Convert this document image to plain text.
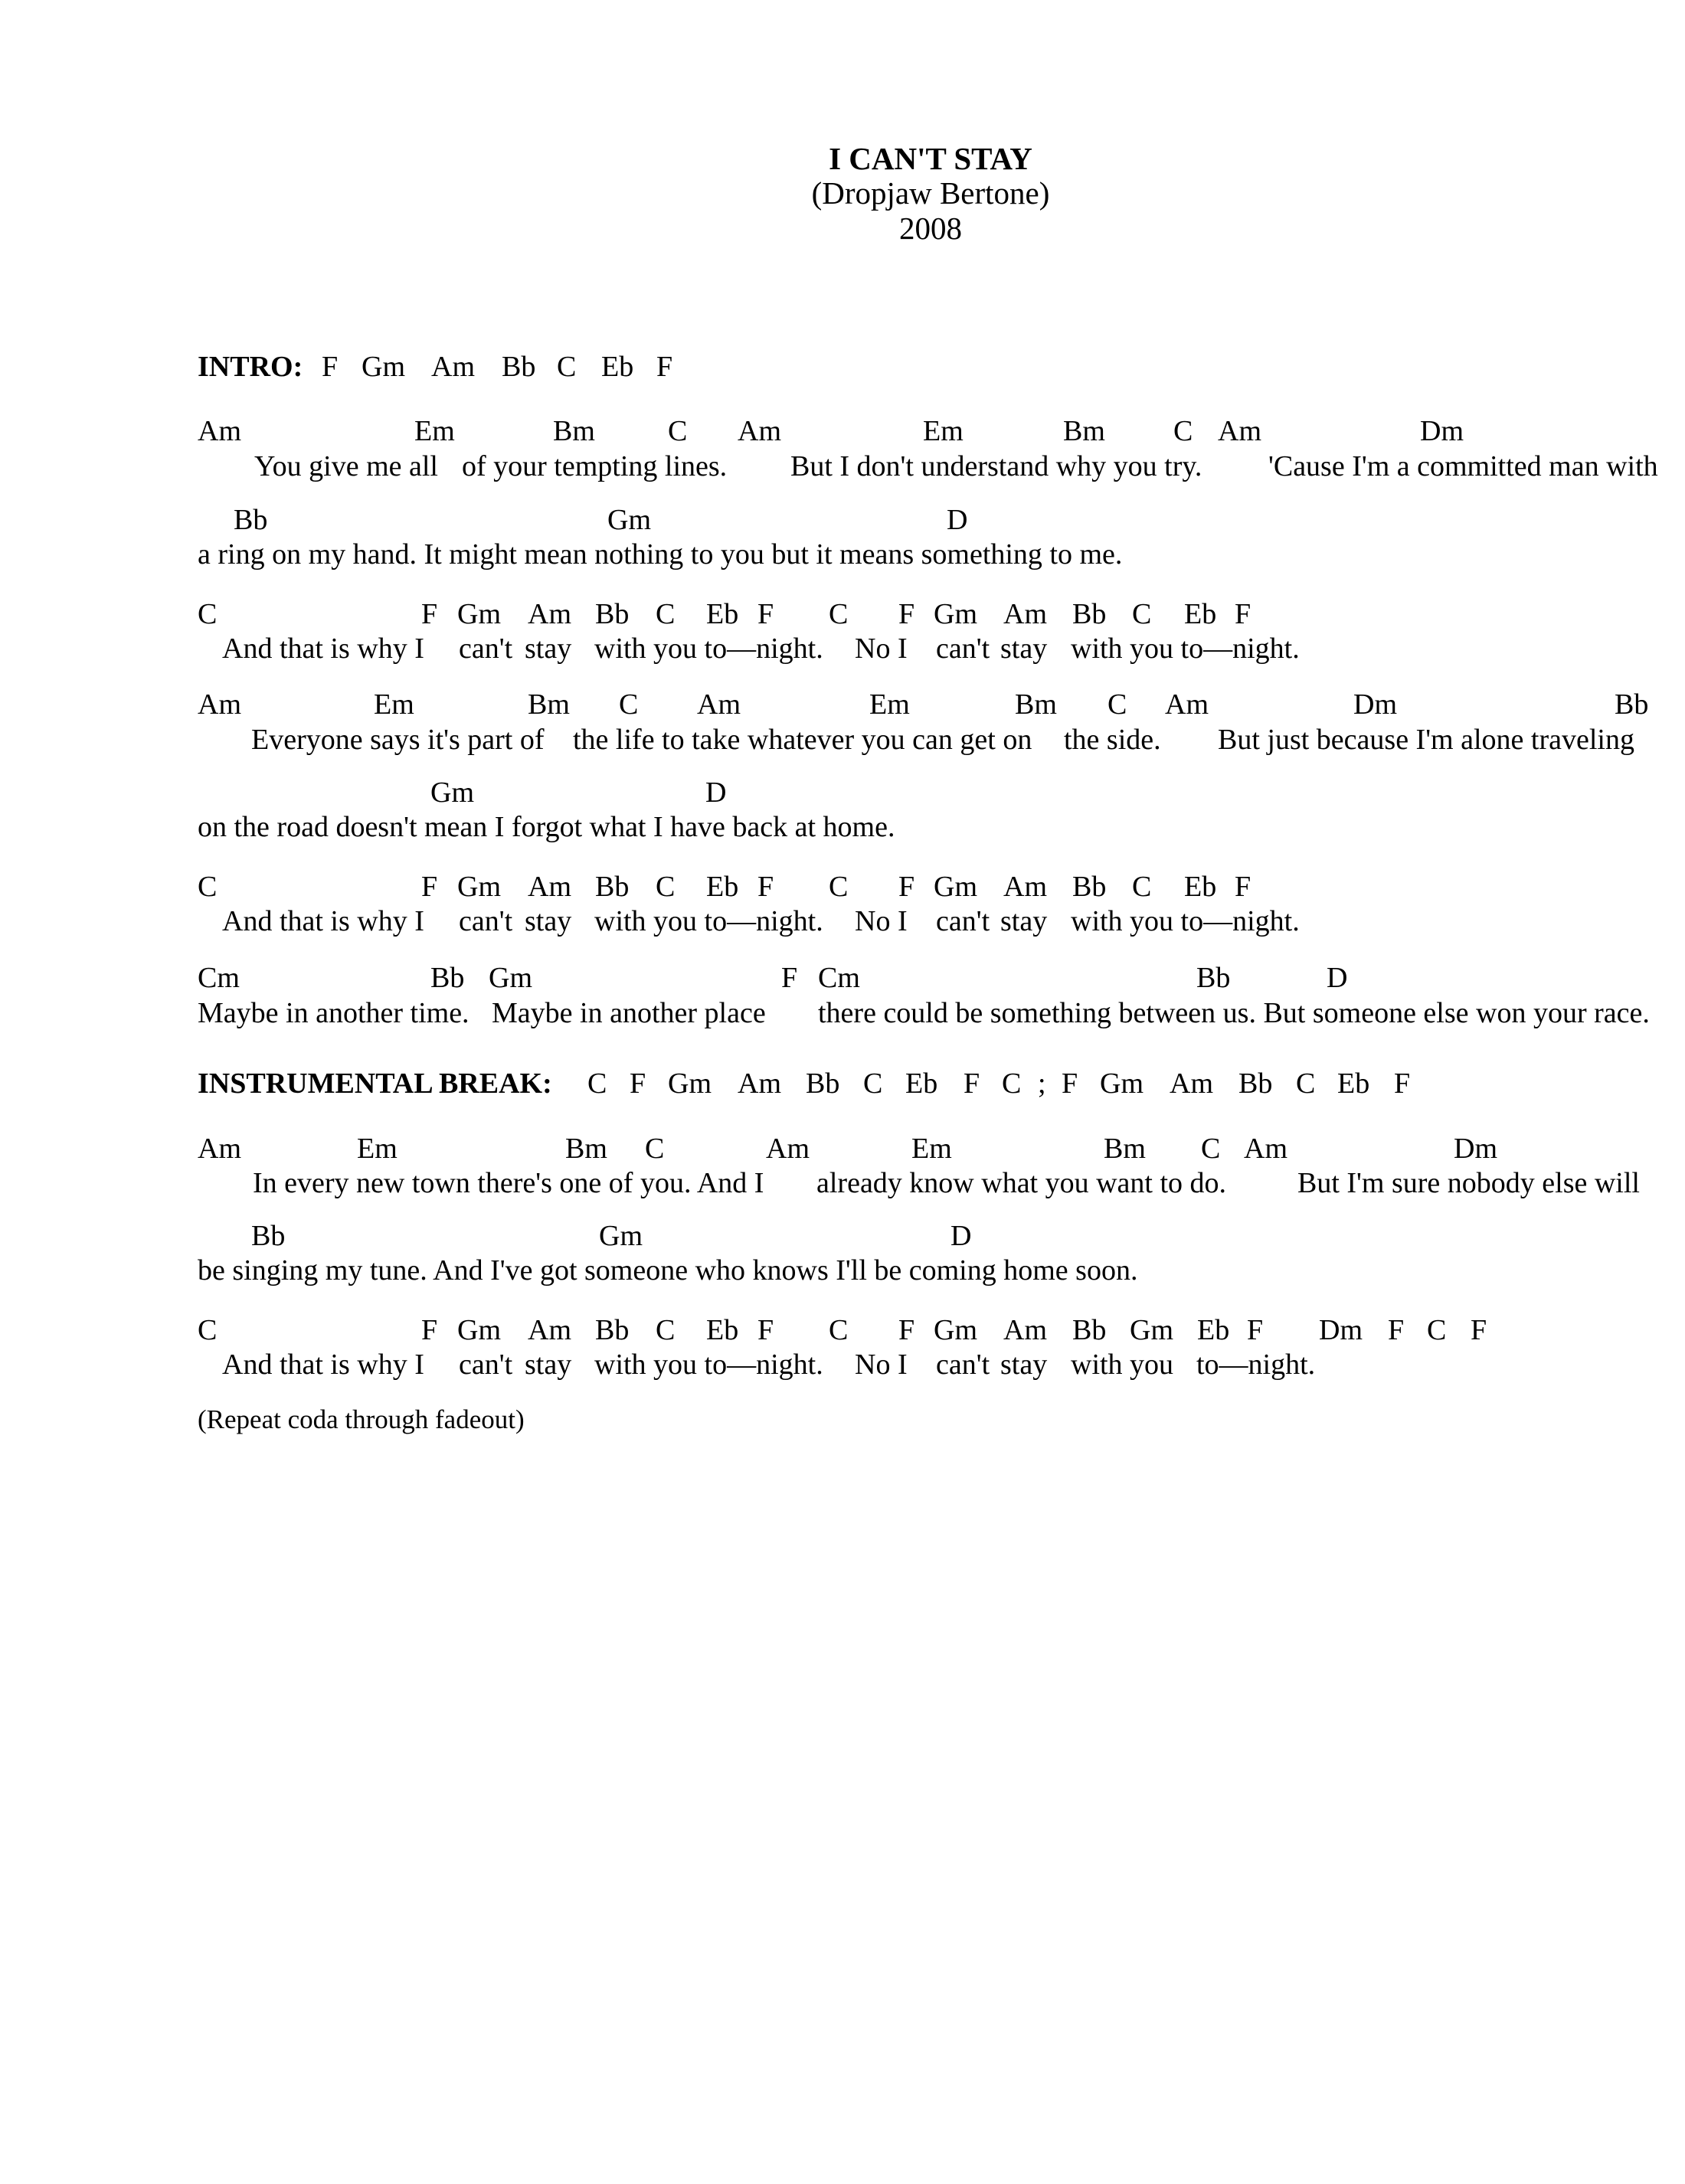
I CAN'T STAY
(Dropjaw Bertone)
2008
INTRO: F Gm Am Bb C Eb F
Am	Em	Bm	C Am	Em	Bm C Am	Dm
You give me all of your tempting lines. But I don't understand why you try. 'Cause I'm a committed man with
Bb	Gm	D
a ring on my hand. It might mean nothing to you but it means something to me.
C	F Gm Am Bb C Eb F C F Gm Am Bb C Eb F
And that is why I can't stay with you to—night. No I can't stay with you to—night.
Am	Em	Bm C Am	Em	Bm C Am	Dm	Bb
Everyone says it's part of the life to take whatever you can get on the side. But just because I'm alone traveling
Gm	D
on the road doesn't mean I forgot what I have back at home.
C	F Gm Am Bb C Eb F C F Gm Am Bb C Eb F
And that is why I can't stay with you to—night. No I can't stay with you to—night.
Cm	Bb Gm	F Cm	Bb	D
Maybe in another time. Maybe in another place there could be something between us. But someone else won your race.
INSTRUMENTAL BREAK: C F Gm Am Bb C Eb F C ; F Gm Am Bb C Eb F
Am	Em	Bm C	Am	Em	Bm C Am	Dm
In every new town there's one of you. And I already know what you want to do. But I'm sure nobody else will
Bb	Gm	D
be singing my tune. And I've got someone who knows I'll be coming home soon.
C	F Gm Am Bb C Eb F C F Gm Am Bb Gm Eb F Dm F C F
And that is why I can't stay with you to—night. No I can't stay with you to—night.
(Repeat coda through fadeout)
